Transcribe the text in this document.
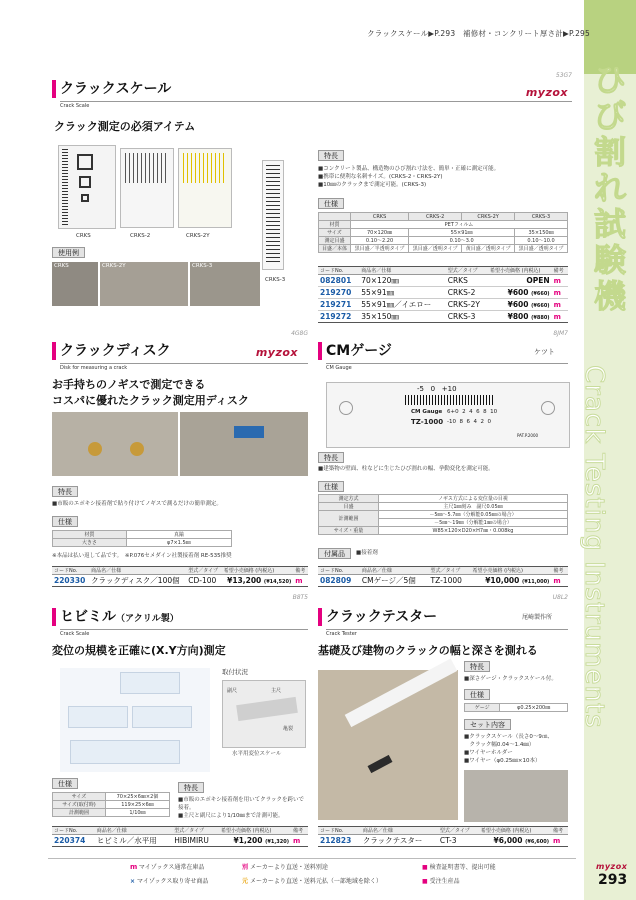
ひ
び
割
れ
試
験
機
Crack Testing Instruments
クラックスケール▶P.293　補修材・コンクリート厚さ計▶P.295
クラックスケール
Crack Scale
53G7
myzox
クラック測定の必須アイテム
CRKS	CRKS-2	CRKS-2Y
CRKS-3
使用例
CRKS	CRKS-2Y	CRKS-3
特長
■コンクリート製品、構造物のひび割れ寸法を、簡単・正確に測定可能。
■携帯に便利な名刺サイズ。(CRKS-2・CRKS-2Y)
■10㎜のクラックまで測定可能。(CRKS-3)
仕様
	CRKS	CRKS-2	CRKS-2Y	CRKS-3
材質	PETフィルム			
サイズ	70×120㎜	55×91㎜		35×150㎜
測定目盛	0.10～2.20	0.10～3.0		0.10～10.0
目盛／本体	黒目盛／半透明タイプ	黒目盛／透明タイプ	黄目盛／透明タイプ	黒目盛／透明タイプ
コードNo.	商品名／仕様	型式／タイプ	希望小売価格 (内税込)	備考
082801	70×120㎜	CRKS	OPEN	m
219270	55×91㎜	CRKS-2	¥600 (¥660)	m
219271	55×91㎜／イエロー	CRKS-2Y	¥600 (¥660)	m
219272	35×150㎜	CRKS-3	¥800 (¥880)	m
クラックディスク
Disk for measuring a crack
4G8G
myzox
お手持ちのノギスで測定できる
コスパに優れたクラック測定用ディスク
特長
■市販のエポキシ接着剤で貼り付けてノギスで測るだけの簡単測定。
仕様
材質	真鍮
大きさ	φ7×1.5㎜
※本品は払い返して品です。　※P.076セメダイン社製接着剤 RE-535推奨
コードNo.	商品名／仕様	型式／タイプ	希望小売価格 (内税込)	備考
220330	クラックディスク／100個	CD-100	¥13,200 (¥14,520)	m
CMゲージ
CM Gauge
8JM7
ケツト
-5   0   +10
CM Gauge
TZ-1000
6+0  2  4  6  8  10
-10  8  6  4  2  0
PAT.P.2000
特長
■建築物の壁面、柱などに生じたひび割れの幅、挙動変化を測定可能。
仕様
測定方式	ノギス方式による変位量の目視
目盛	主尺1㎜刻み　副尺0.05㎜
計測範囲	－5㎜～5.7㎜（分解能0.05㎜の場合）
	－5㎜～19㎜（分解能1㎜の場合）
サイズ・重量	W85×120×D20×H7㎜・0.008kg
付属品	■接着剤
コードNo.	商品名／仕様	型式／タイプ	希望小売価格 (内税込)	備考
082809	CMゲージ／5個	TZ-1000	¥10,000 (¥11,000)	m
ヒビミル（アクリル製）
Crack Scale
B8T5
変位の規模を正確に(X.Y方向)測定
取付状況
副尺	主尺
亀裂
水平用変位スケール
仕様
サイズ	70×25×6㎜×2個
サイズ(取付時)	119×25×6㎜
計測範囲	1/10㎜
特長
■市販のエポキシ接着剤を用いてクラックを跨いで接着。
■主尺と副尺により1/10㎜まで計測可能。
コードNo.	商品名／仕様	型式／タイプ	希望小売価格 (内税込)	備考
220374	ヒビミル／水平用	HIBIMIRU	¥1,200 (¥1,320)	m
クラックテスター
Crack Tester
U8L2
尾崎製作所
基礎及び建物のクラックの幅と深さを測れる
特長
■深さゲージ・クラックスケール付。
仕様
ゲージ	φ0.25×200㎜
セット内容
■クラックスケール（長さ0～9㎝、
　クラック幅0.04～1.4㎜）
■ワイヤーホルダー
■ワイヤー（φ0.25㎜×10本）
コードNo.	商品名／仕様	型式／タイプ	希望小売価格 (内税込)	備考
212823	クラックテスター	CT-3	¥6,000 (¥6,600)	m
m マイゾックス通常在庫品	別 メーカーより直送・送料別途	■ 検査証明書等、提出可能
× マイゾックス取り寄せ商品	元 メーカーより直送・送料元払（一部地域を除く）	■ 受注生産品
myzox
293
